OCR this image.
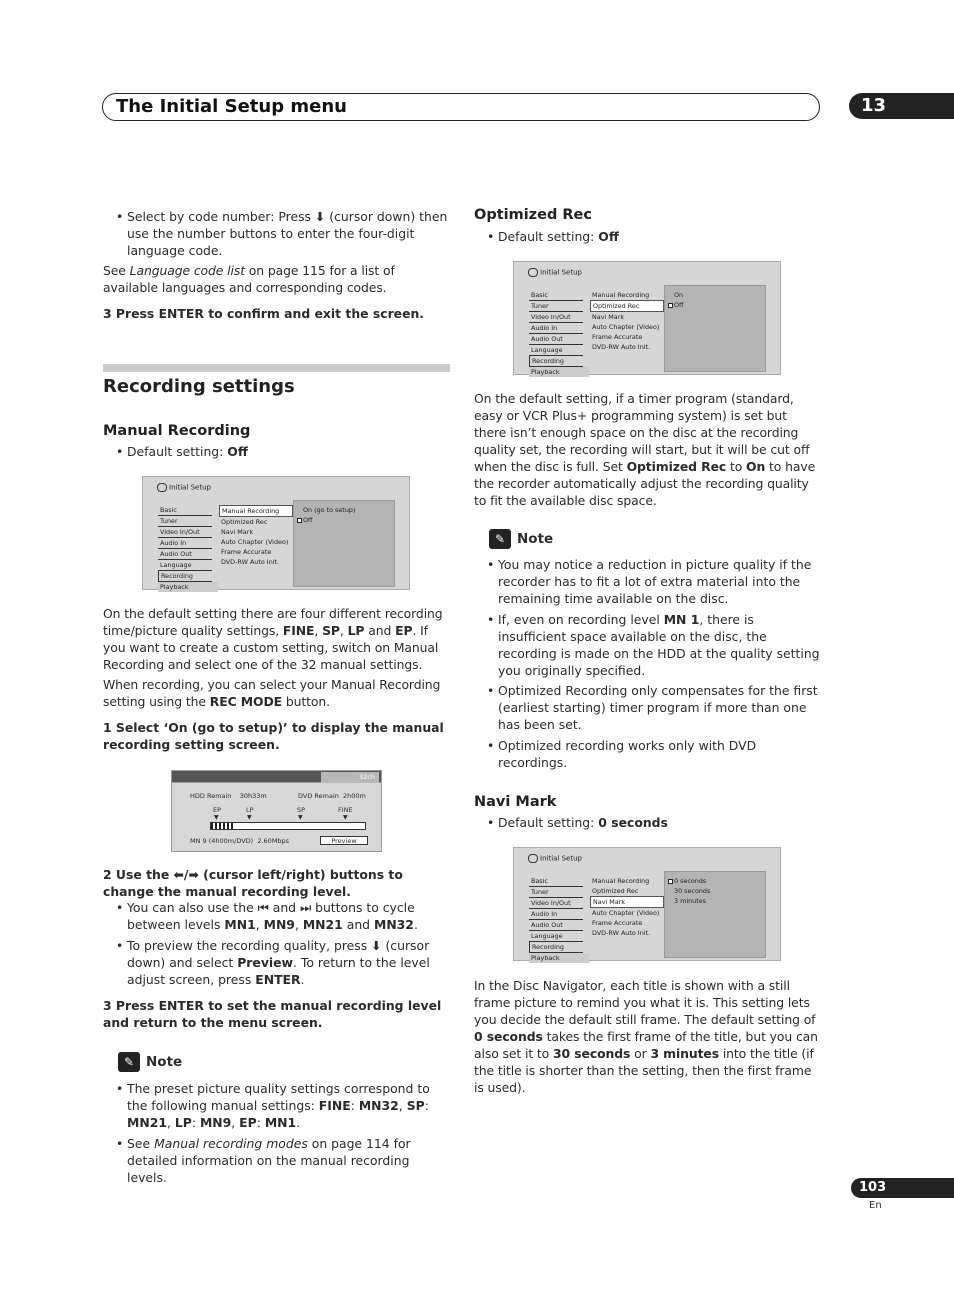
The Initial Setup menu	13
• Select by code number: Press ⬇ (cursor down) then use the number buttons to enter the four-digit language code.
See Language code list on page 115 for a list of available languages and corresponding codes.
3 Press ENTER to confirm and exit the screen.
Recording settings
Manual Recording
• Default setting: Off
Initial Setup
Basic
Tuner
Video In/Out
Audio In
Audio Out
Language
Recording
Playback
Manual Recording
Optimized Rec
Navi Mark
Auto Chapter (Video)
Frame Accurate
DVD-RW Auto Init.
On (go to setup)
Off
On the default setting there are four different recording time/picture quality settings, FINE, SP, LP and EP. If you want to create a custom setting, switch on Manual Recording and select one of the 32 manual settings.
When recording, you can select your Manual Recording setting using the REC MODE button.
1 Select ‘On (go to setup)’ to display the manual recording setting screen.
32ch
HDD Remain 30h33m	DVD Remain 2h00m
EP	LP	SP	FINE
▼	▼	▼	▼
MN 9 (4h00m/DVD) 2.60Mbps	Preview
2 Use the ⬅/➡ (cursor left/right) buttons to change the manual recording level.
• You can also use the ⏮ and ⏭ buttons to cycle between levels MN1, MN9, MN21 and MN32.
• To preview the recording quality, press ⬇ (cursor down) and select Preview. To return to the level adjust screen, press ENTER.
3 Press ENTER to set the manual recording level and return to the menu screen.
✎ Note
• The preset picture quality settings correspond to the following manual settings: FINE: MN32, SP: MN21, LP: MN9, EP: MN1.
• See Manual recording modes on page 114 for detailed information on the manual recording levels.
Optimized Rec
• Default setting: Off
Initial Setup
Basic
Tuner
Video In/Out
Audio In
Audio Out
Language
Recording
Playback
Manual Recording
Optimized Rec
Navi Mark
Auto Chapter (Video)
Frame Accurate
DVD-RW Auto Init.
On
Off
On the default setting, if a timer program (standard, easy or VCR Plus+ programming system) is set but there isn’t enough space on the disc at the recording quality set, the recording will start, but it will be cut off when the disc is full. Set Optimized Rec to On to have the recorder automatically adjust the recording quality to fit the available disc space.
✎ Note
• You may notice a reduction in picture quality if the recorder has to fit a lot of extra material into the remaining time available on the disc.
• If, even on recording level MN 1, there is insufficient space available on the disc, the recording is made on the HDD at the quality setting you originally specified.
• Optimized Recording only compensates for the first (earliest starting) timer program if more than one has been set.
• Optimized recording works only with DVD recordings.
Navi Mark
• Default setting: 0 seconds
Initial Setup
Basic
Tuner
Video In/Out
Audio In
Audio Out
Language
Recording
Playback
Manual Recording
Optimized Rec
Navi Mark
Auto Chapter (Video)
Frame Accurate
DVD-RW Auto Init.
0 seconds
30 seconds
3 minutes
In the Disc Navigator, each title is shown with a still frame picture to remind you what it is. This setting lets you decide the default still frame. The default setting of 0 seconds takes the first frame of the title, but you can also set it to 30 seconds or 3 minutes into the title (if the title is shorter than the setting, then the first frame is used).
103
En
